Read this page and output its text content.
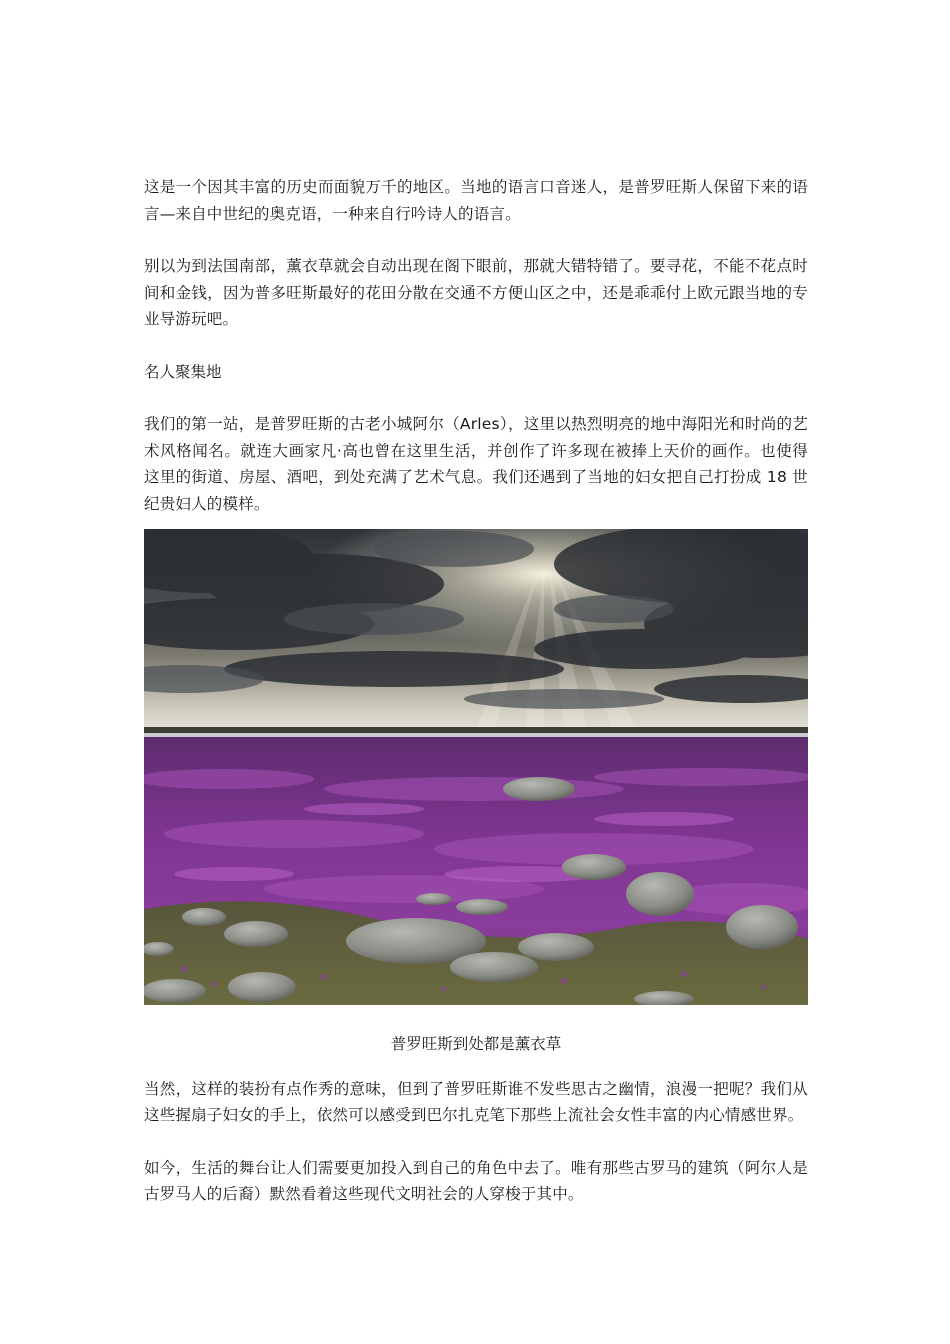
这是一个因其丰富的历史而面貌万千的地区。当地的语言口音迷人，是普罗旺斯人保留下来的语言—来自中世纪的奥克语，一种来自行吟诗人的语言。

别以为到法国南部，薰衣草就会自动出现在阁下眼前，那就大错特错了。要寻花，不能不花点时间和金钱，因为普多旺斯最好的花田分散在交通不方便山区之中，还是乖乖付上欧元跟当地的专业导游玩吧。

名人聚集地

我们的第一站，是普罗旺斯的古老小城阿尔（Arles），这里以热烈明亮的地中海阳光和时尚的艺术风格闻名。就连大画家凡·高也曾在这里生活，并创作了许多现在被捧上天价的画作。也使得这里的街道、房屋、酒吧，到处充满了艺术气息。我们还遇到了当地的妇女把自己打扮成 18 世纪贵妇人的模样。

普罗旺斯到处都是薰衣草

当然，这样的装扮有点作秀的意味，但到了普罗旺斯谁不发些思古之幽情，浪漫一把呢？我们从这些握扇子妇女的手上，依然可以感受到巴尔扎克笔下那些上流社会女性丰富的内心情感世界。

如今，生活的舞台让人们需要更加投入到自己的角色中去了。唯有那些古罗马的建筑（阿尔人是古罗马人的后裔）默然看着这些现代文明社会的人穿梭于其中。
